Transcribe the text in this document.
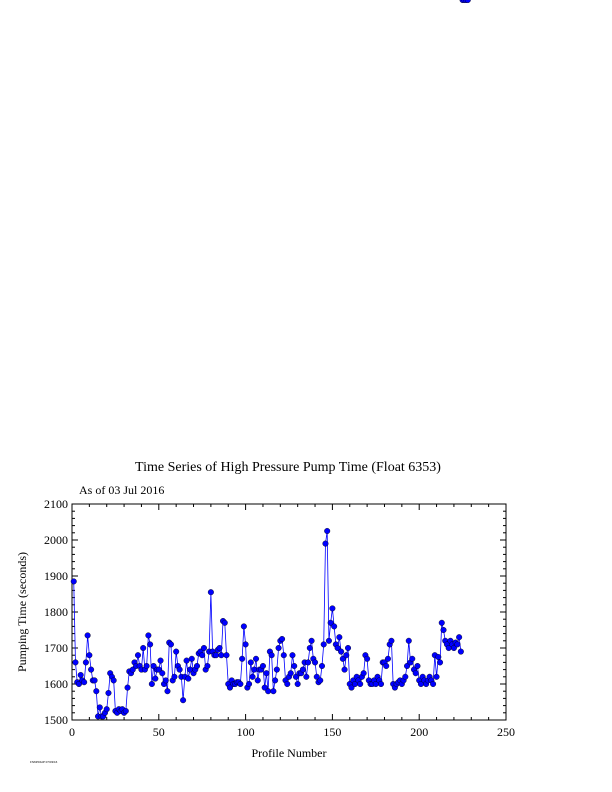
Time Series of High Pressure Pump Time (Float 6353)
As of 03 Jul 2016
0	50	100	150	200	250
1500
1600
1700
1800
1900
2000
2100
Profile Number
Pumping Time (seconds)
FN6353HP 07/03/16
